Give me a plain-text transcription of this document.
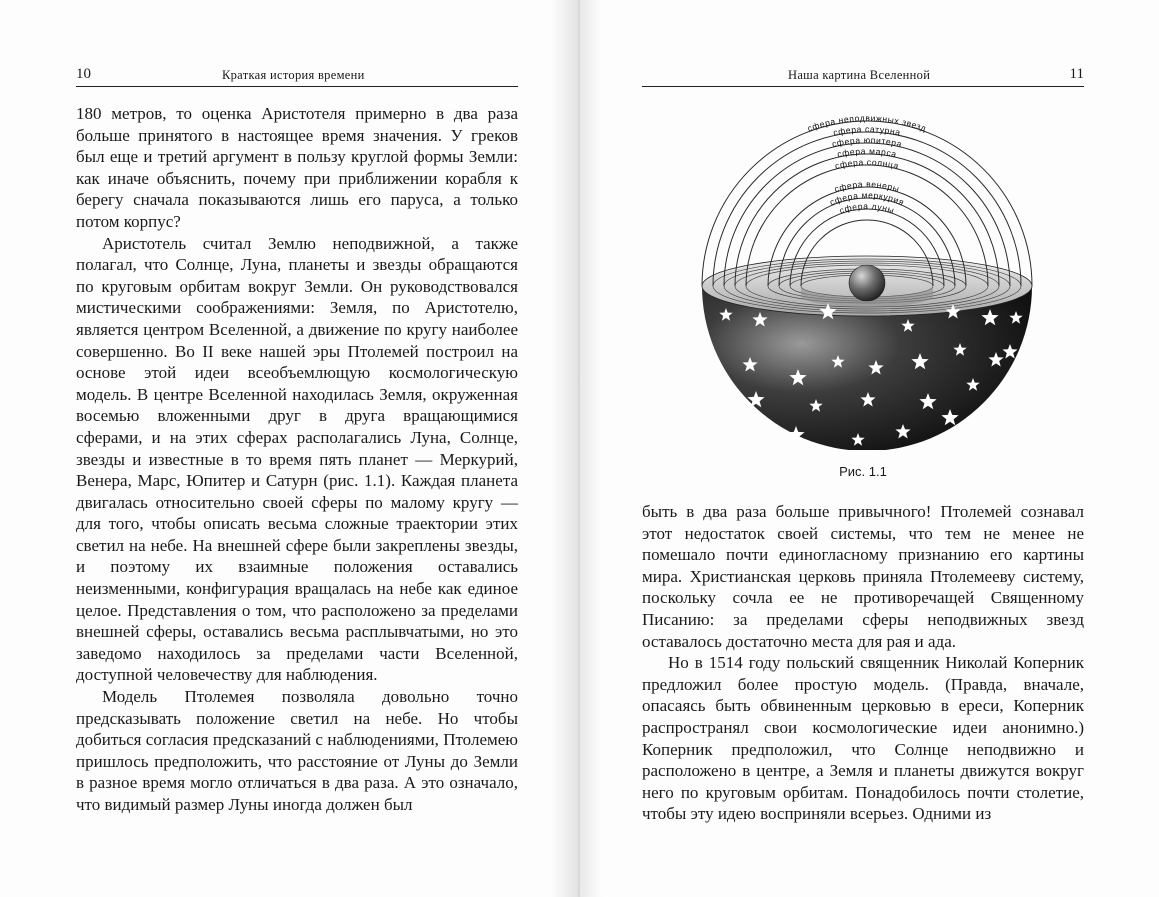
10	Краткая история времени

180 метров, то оценка Аристотеля примерно в два раза больше принятого в настоящее время значения. У греков был еще и третий аргумент в пользу круглой формы Земли: как иначе объяснить, почему при приближении корабля к берегу сначала показываются лишь его паруса, а только потом корпус?

Аристотель считал Землю неподвижной, а также полагал, что Солнце, Луна, планеты и звезды обращаются по круговым орбитам вокруг Земли. Он руководствовался мистическими соображениями: Земля, по Аристотелю, является центром Вселенной, а движение по кругу наиболее совершенно. Во II веке нашей эры Птолемей построил на основе этой идеи всеобъемлющую космологическую модель. В центре Вселенной находилась Земля, окруженная восемью вложенными друг в друга вращающимися сферами, и на этих сферах располагались Луна, Солнце, звезды и известные в то время пять планет — Меркурий, Венера, Марс, Юпитер и Сатурн (рис. 1.1). Каждая планета двигалась относительно своей сферы по малому кругу — для того, чтобы описать весьма сложные траектории этих светил на небе. На внешней сфере были закреплены звезды, и поэтому их взаимные положения оставались неизменными, конфигурация вращалась на небе как единое целое. Представления о том, что расположено за пределами внешней сферы, оставались весьма расплывчатыми, но это заведомо находилось за пределами части Вселенной, доступной человечеству для наблюдения.

Модель Птолемея позволяла довольно точно предсказывать положение светил на небе. Но чтобы добиться согласия предсказаний с наблюдениями, Птолемею пришлось предположить, что расстояние от Луны до Земли в разное время могло отличаться в два раза. А это означало, что видимый размер Луны иногда должен был

Наша картина Вселенной	11
сфера неподвижных звезд
сфера сатурна
сфера юпитера
сфера марса
сфера солнца
сфера венеры
сфера меркурия
сфера луны
Рис. 1.1

быть в два раза больше привычного! Птолемей сознавал этот недостаток своей системы, что тем не менее не помешало почти единогласному признанию его картины мира. Христианская церковь приняла Птолемееву систему, поскольку сочла ее не противоречащей Священному Писанию: за пределами сферы неподвижных звезд оставалось достаточно места для рая и ада.

Но в 1514 году польский священник Николай Коперник предложил более простую модель. (Правда, вначале, опасаясь быть обвиненным церковью в ереси, Коперник распространял свои космологические идеи анонимно.) Коперник предположил, что Солнце неподвижно и расположено в центре, а Земля и планеты движутся вокруг него по круговым орбитам. Понадобилось почти столетие, чтобы эту идею восприняли всерьез. Одними из
